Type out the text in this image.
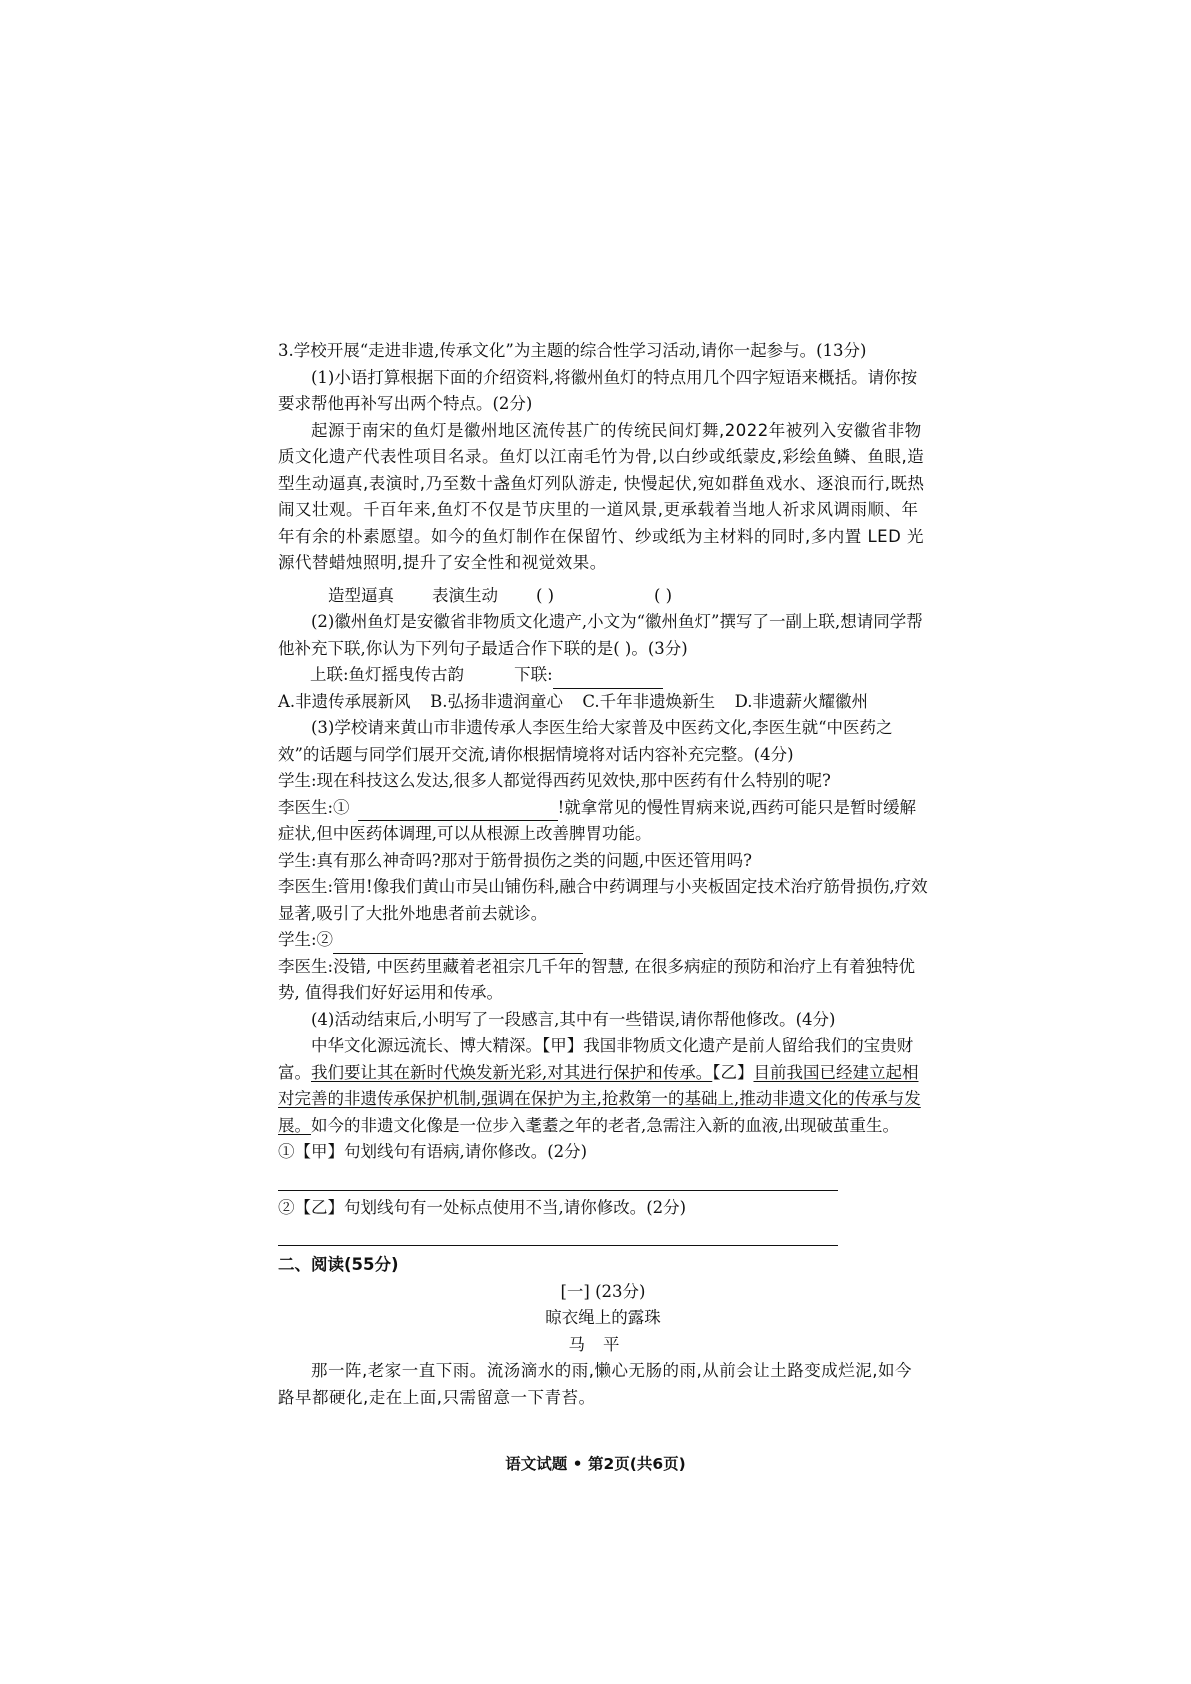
3.学校开展“走进非遗,传承文化”为主题的综合性学习活动,请你一起参与。(13分)

(1)小语打算根据下面的介绍资料,将徽州鱼灯的特点用几个四字短语来概括。请你按要求帮他再补写出两个特点。(2分)

起源于南宋的鱼灯是徽州地区流传甚广的传统民间灯舞,2022年被列入安徽省非物质文化遗产代表性项目名录。鱼灯以江南毛竹为骨,以白纱或纸蒙皮,彩绘鱼鳞、鱼眼,造型生动逼真,表演时,乃至数十盏鱼灯列队游走, 快慢起伏,宛如群鱼戏水、逐浪而行,既热闹又壮观。千百年来,鱼灯不仅是节庆里的一道风景,更承载着当地人祈求风调雨顺、年年有余的朴素愿望。如今的鱼灯制作在保留竹、纱或纸为主材料的同时,多内置 LED 光源代替蜡烛照明,提升了安全性和视觉效果。

造型逼真 表演生动 ( )	( )

(2)徽州鱼灯是安徽省非物质文化遗产,小文为“徽州鱼灯”撰写了一副上联,想请同学帮他补充下联,你认为下列句子最适合作下联的是( )。(3分)

上联:鱼灯摇曳传古韵	下联:
A.非遗传承展新风 B.弘扬非遗润童心 C.千年非遗焕新生 D.非遗薪火耀徽州

(3)学校请来黄山市非遗传承人李医生给大家普及中医药文化,李医生就“中医药之效”的话题与同学们展开交流,请你根据情境将对话内容补充完整。(4分)

学生:现在科技这么发达,很多人都觉得西药见效快,那中医药有什么特别的呢?

李医生:①	!就拿常见的慢性胃病来说,西药可能只是暂时缓解症状,但中医药体调理,可以从根源上改善脾胃功能。

学生:真有那么神奇吗?那对于筋骨损伤之类的问题,中医还管用吗?

李医生:管用!像我们黄山市吴山铺伤科,融合中药调理与小夹板固定技术治疗筋骨损伤,疗效显著,吸引了大批外地患者前去就诊。

学生:②

李医生:没错, 中医药里藏着老祖宗几千年的智慧, 在很多病症的预防和治疗上有着独特优势, 值得我们好好运用和传承。

(4)活动结束后,小明写了一段感言,其中有一些错误,请你帮他修改。(4分)

中华文化源远流长、博大精深。【甲】我国非物质文化遗产是前人留给我们的宝贵财富。我们要让其在新时代焕发新光彩,对其进行保护和传承。【乙】目前我国已经建立起相对完善的非遗传承保护机制,强调在保护为主,抢救第一的基础上,推动非遗文化的传承与发展。如今的非遗文化像是一位步入耄耋之年的老者,急需注入新的血液,出现破茧重生。

①【甲】句划线句有语病,请你修改。(2分)

②【乙】句划线句有一处标点使用不当,请你修改。(2分)

二、阅读(55分)

[一] (23分)

晾衣绳上的露珠

马平

那一阵,老家一直下雨。流汤滴水的雨,懒心无肠的雨,从前会让土路变成烂泥,如今路早都硬化,走在上面,只需留意一下青苔。

语文试题 • 第2页(共6页)
